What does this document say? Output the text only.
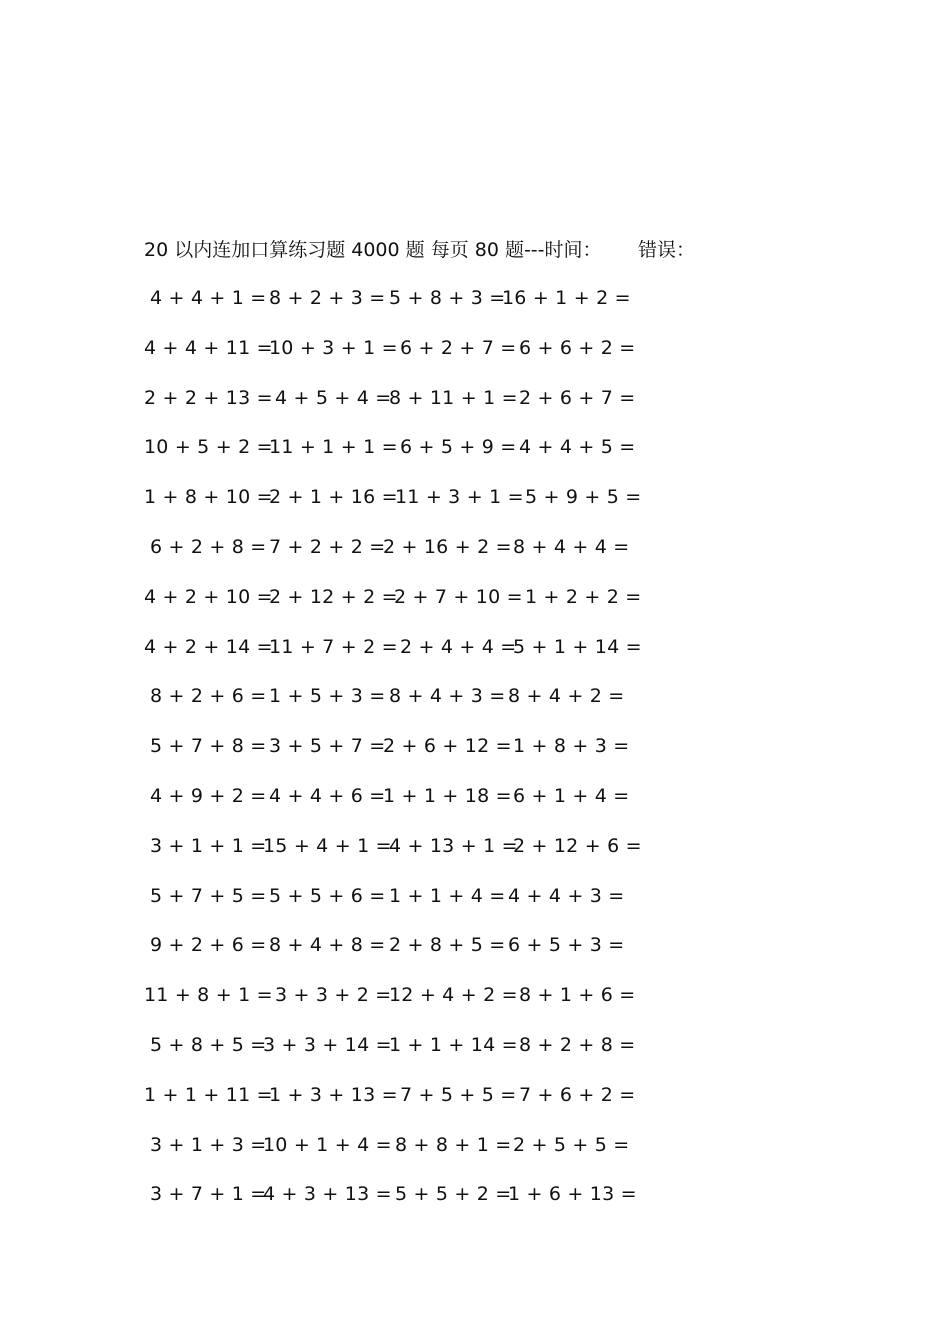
20 以内连加口算练习题 4000 题 每页 80 题---时间： 错误：
4 + 4 + 1 = 8 + 2 + 3 = 5 + 8 + 3 =
16 + 1 + 2 =
4 + 4 + 11 =
10 + 3 + 1 = 6 + 2 + 7 = 6 + 6 + 2 =
2 + 2 + 13 = 4 + 5 + 4 =
8 + 11 + 1 = 2 + 6 + 7 =
10 + 5 + 2 =
11 + 1 + 1 = 6 + 5 + 9 = 4 + 4 + 5 =
1 + 8 + 10 =
2 + 1 + 16 =
11 + 3 + 1 = 5 + 9 + 5 =
6 + 2 + 8 = 7 + 2 + 2 =
2 + 16 + 2 = 8 + 4 + 4 =
4 + 2 + 10 =
2 + 12 + 2 =
2 + 7 + 10 = 1 + 2 + 2 =
4 + 2 + 14 =
11 + 7 + 2 = 2 + 4 + 4 =
5 + 1 + 14 =
8 + 2 + 6 = 1 + 5 + 3 = 8 + 4 + 3 = 8 + 4 + 2 =
5 + 7 + 8 = 3 + 5 + 7 =
2 + 6 + 12 = 1 + 8 + 3 =
4 + 9 + 2 = 4 + 4 + 6 =
1 + 1 + 18 = 6 + 1 + 4 =
3 + 1 + 1 =
15 + 4 + 1 =
4 + 13 + 1 =
2 + 12 + 6 =
5 + 7 + 5 = 5 + 5 + 6 = 1 + 1 + 4 = 4 + 4 + 3 =
9 + 2 + 6 = 8 + 4 + 8 = 2 + 8 + 5 = 6 + 5 + 3 =
11 + 8 + 1 = 3 + 3 + 2 =
12 + 4 + 2 = 8 + 1 + 6 =
5 + 8 + 5 =
3 + 3 + 14 =
1 + 1 + 14 = 8 + 2 + 8 =
1 + 1 + 11 =
1 + 3 + 13 = 7 + 5 + 5 = 7 + 6 + 2 =
3 + 1 + 3 =
10 + 1 + 4 = 8 + 8 + 1 = 2 + 5 + 5 =
3 + 7 + 1 =
4 + 3 + 13 = 5 + 5 + 2 =
1 + 6 + 13 =
